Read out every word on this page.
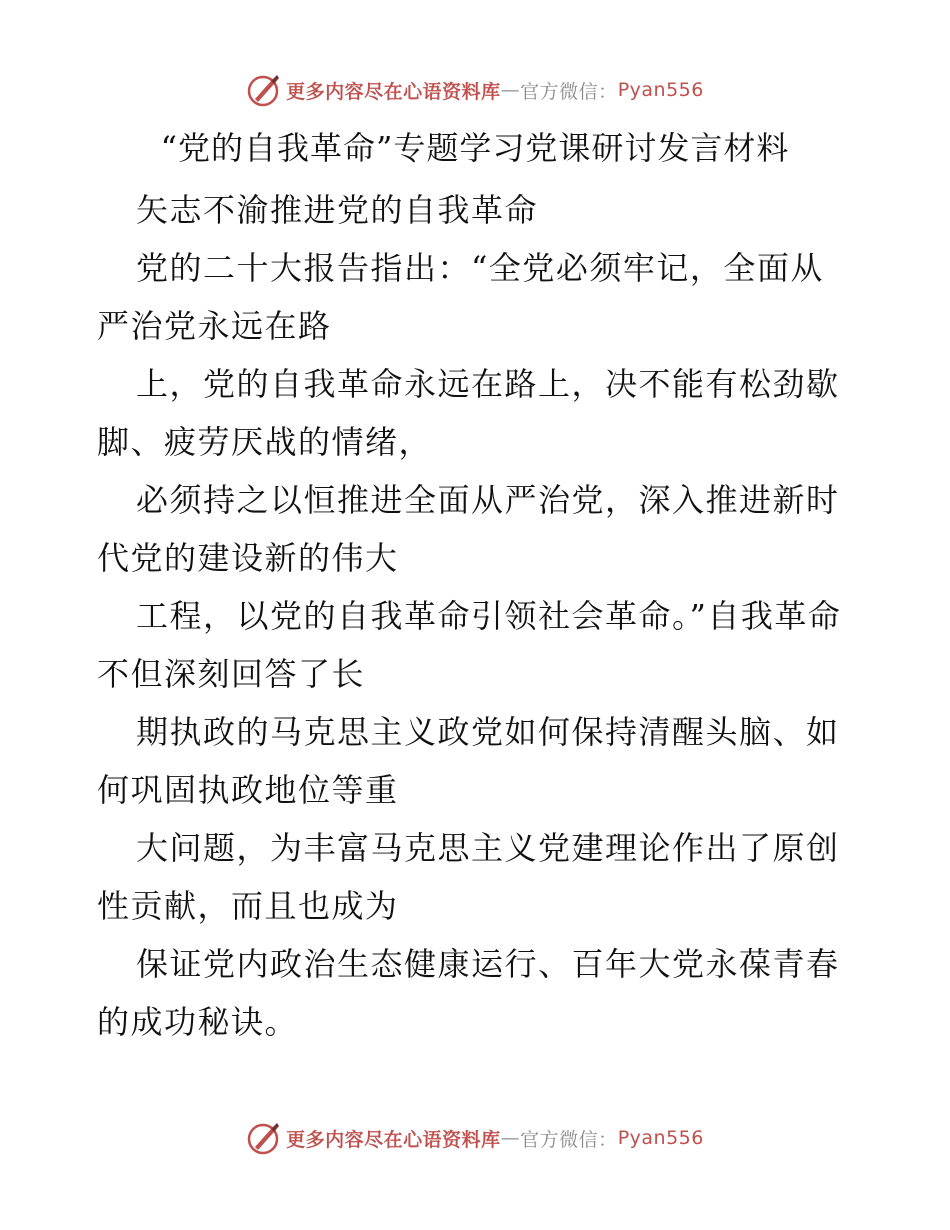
更多内容尽在心语资料库 — 官方微信： Pyan556
“党的自我革命”专题学习党课研讨发言材料

矢志不渝推进党的自我革命

党的二十大报告指出：“全党必须牢记，全面从严治党永远在路

上，党的自我革命永远在路上，决不能有松劲歇脚、疲劳厌战的情绪，

必须持之以恒推进全面从严治党，深入推进新时代党的建设新的伟大

工程，以党的自我革命引领社会革命。”自我革命不但深刻回答了长

期执政的马克思主义政党如何保持清醒头脑、如何巩固执政地位等重

大问题，为丰富马克思主义党建理论作出了原创性贡献，而且也成为

保证党内政治生态健康运行、百年大党永葆青春的成功秘诀。

更多内容尽在心语资料库 — 官方微信： Pyan556
